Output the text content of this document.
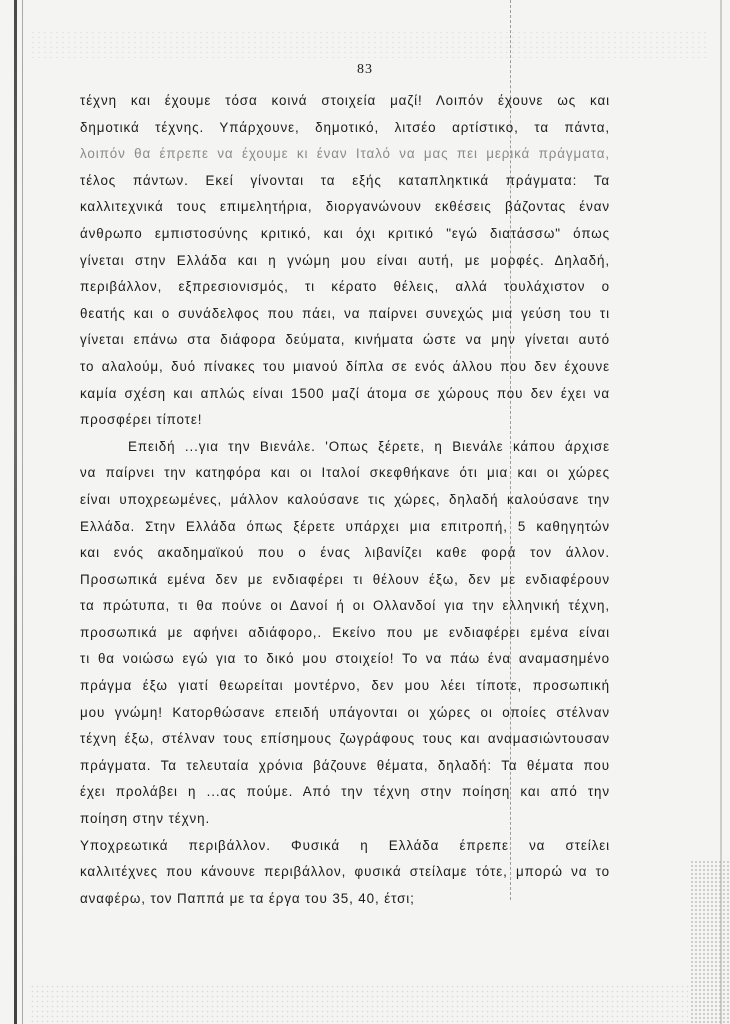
83
τέχνη και έχουμε τόσα κοινά στοιχεία μαζί! Λοιπόν έχουνε ως και
δημοτικά τέχνης. Υπάρχουνε, δημοτικό, λιτσέο αρτίστικο, τα πάντα,
λοιπόν θα έπρεπε να έχουμε κι έναν Ιταλό να μας πει μερικά πράγματα,
τέλος πάντων. Εκεί γίνονται τα εξής καταπληκτικά πράγματα: Τα
καλλιτεχνικά τους επιμελητήρια, διοργανώνουν εκθέσεις βάζοντας έναν
άνθρωπο εμπιστοσύνης κριτικό, και όχι κριτικό "εγώ διατάσσω" όπως
γίνεται στην Ελλάδα και η γνώμη μου είναι αυτή, με μορφές. Δηλαδή,
περιβάλλον, εξπρεσιονισμός, τι κέρατο θέλεις, αλλά τουλάχιστον ο
θεατής και ο συνάδελφος που πάει, να παίρνει συνεχώς μια γεύση του τι
γίνεται επάνω στα διάφορα δεύματα, κινήματα ώστε να μην γίνεται αυτό
το αλαλούμ, δυό πίνακες του μιανού δίπλα σε ενός άλλου που δεν έχουνε
καμία σχέση και απλώς είναι 1500 μαζί άτομα σε χώρους που δεν έχει να
προσφέρει τίποτε!
Επειδή ...για την Βιενάλε. 'Οπως ξέρετε, η Βιενάλε κάπου άρχισε
να παίρνει την κατηφόρα και οι Ιταλοί σκεφθήκανε ότι μια και οι χώρες
είναι υποχρεωμένες, μάλλον καλούσανε τις χώρες, δηλαδή καλούσανε την
Ελλάδα. Στην Ελλάδα όπως ξέρετε υπάρχει μια επιτροπή, 5 καθηγητών
και ενός ακαδημαϊκού που ο ένας λιβανίζει καθε φορά τον άλλον.
Προσωπικά εμένα δεν με ενδιαφέρει τι θέλουν έξω, δεν με ενδιαφέρουν
τα πρώτυπα, τι θα πούνε οι Δανοί ή οι Ολλανδοί για την ελληνική τέχνη,
προσωπικά με αφήνει αδιάφορο,. Εκείνο που με ενδιαφέρει εμένα είναι
τι θα νοιώσω εγώ για το δικό μου στοιχείο! Το να πάω ένα αναμασημένο
πράγμα έξω γιατί θεωρείται μοντέρνο, δεν μου λέει τίποτε, προσωπική
μου γνώμη! Κατορθώσανε επειδή υπάγονται οι χώρες οι οποίες στέλναν
τέχνη έξω, στέλναν τους επίσημους ζωγράφους τους και αναμασιώντουσαν
πράγματα. Τα τελευταία χρόνια βάζουνε θέματα, δηλαδή: Τα θέματα που
έχει προλάβει η ...ας πούμε. Από την τέχνη στην ποίηση και από την
ποίηση στην τέχνη.
Υποχρεωτικά περιβάλλον. Φυσικά η Ελλάδα έπρεπε να στείλει
καλλιτέχνες που κάνουνε περιβάλλον, φυσικά στείλαμε τότε, μπορώ να το
αναφέρω, τον Παππά με τα έργα του 35, 40, έτσι;
